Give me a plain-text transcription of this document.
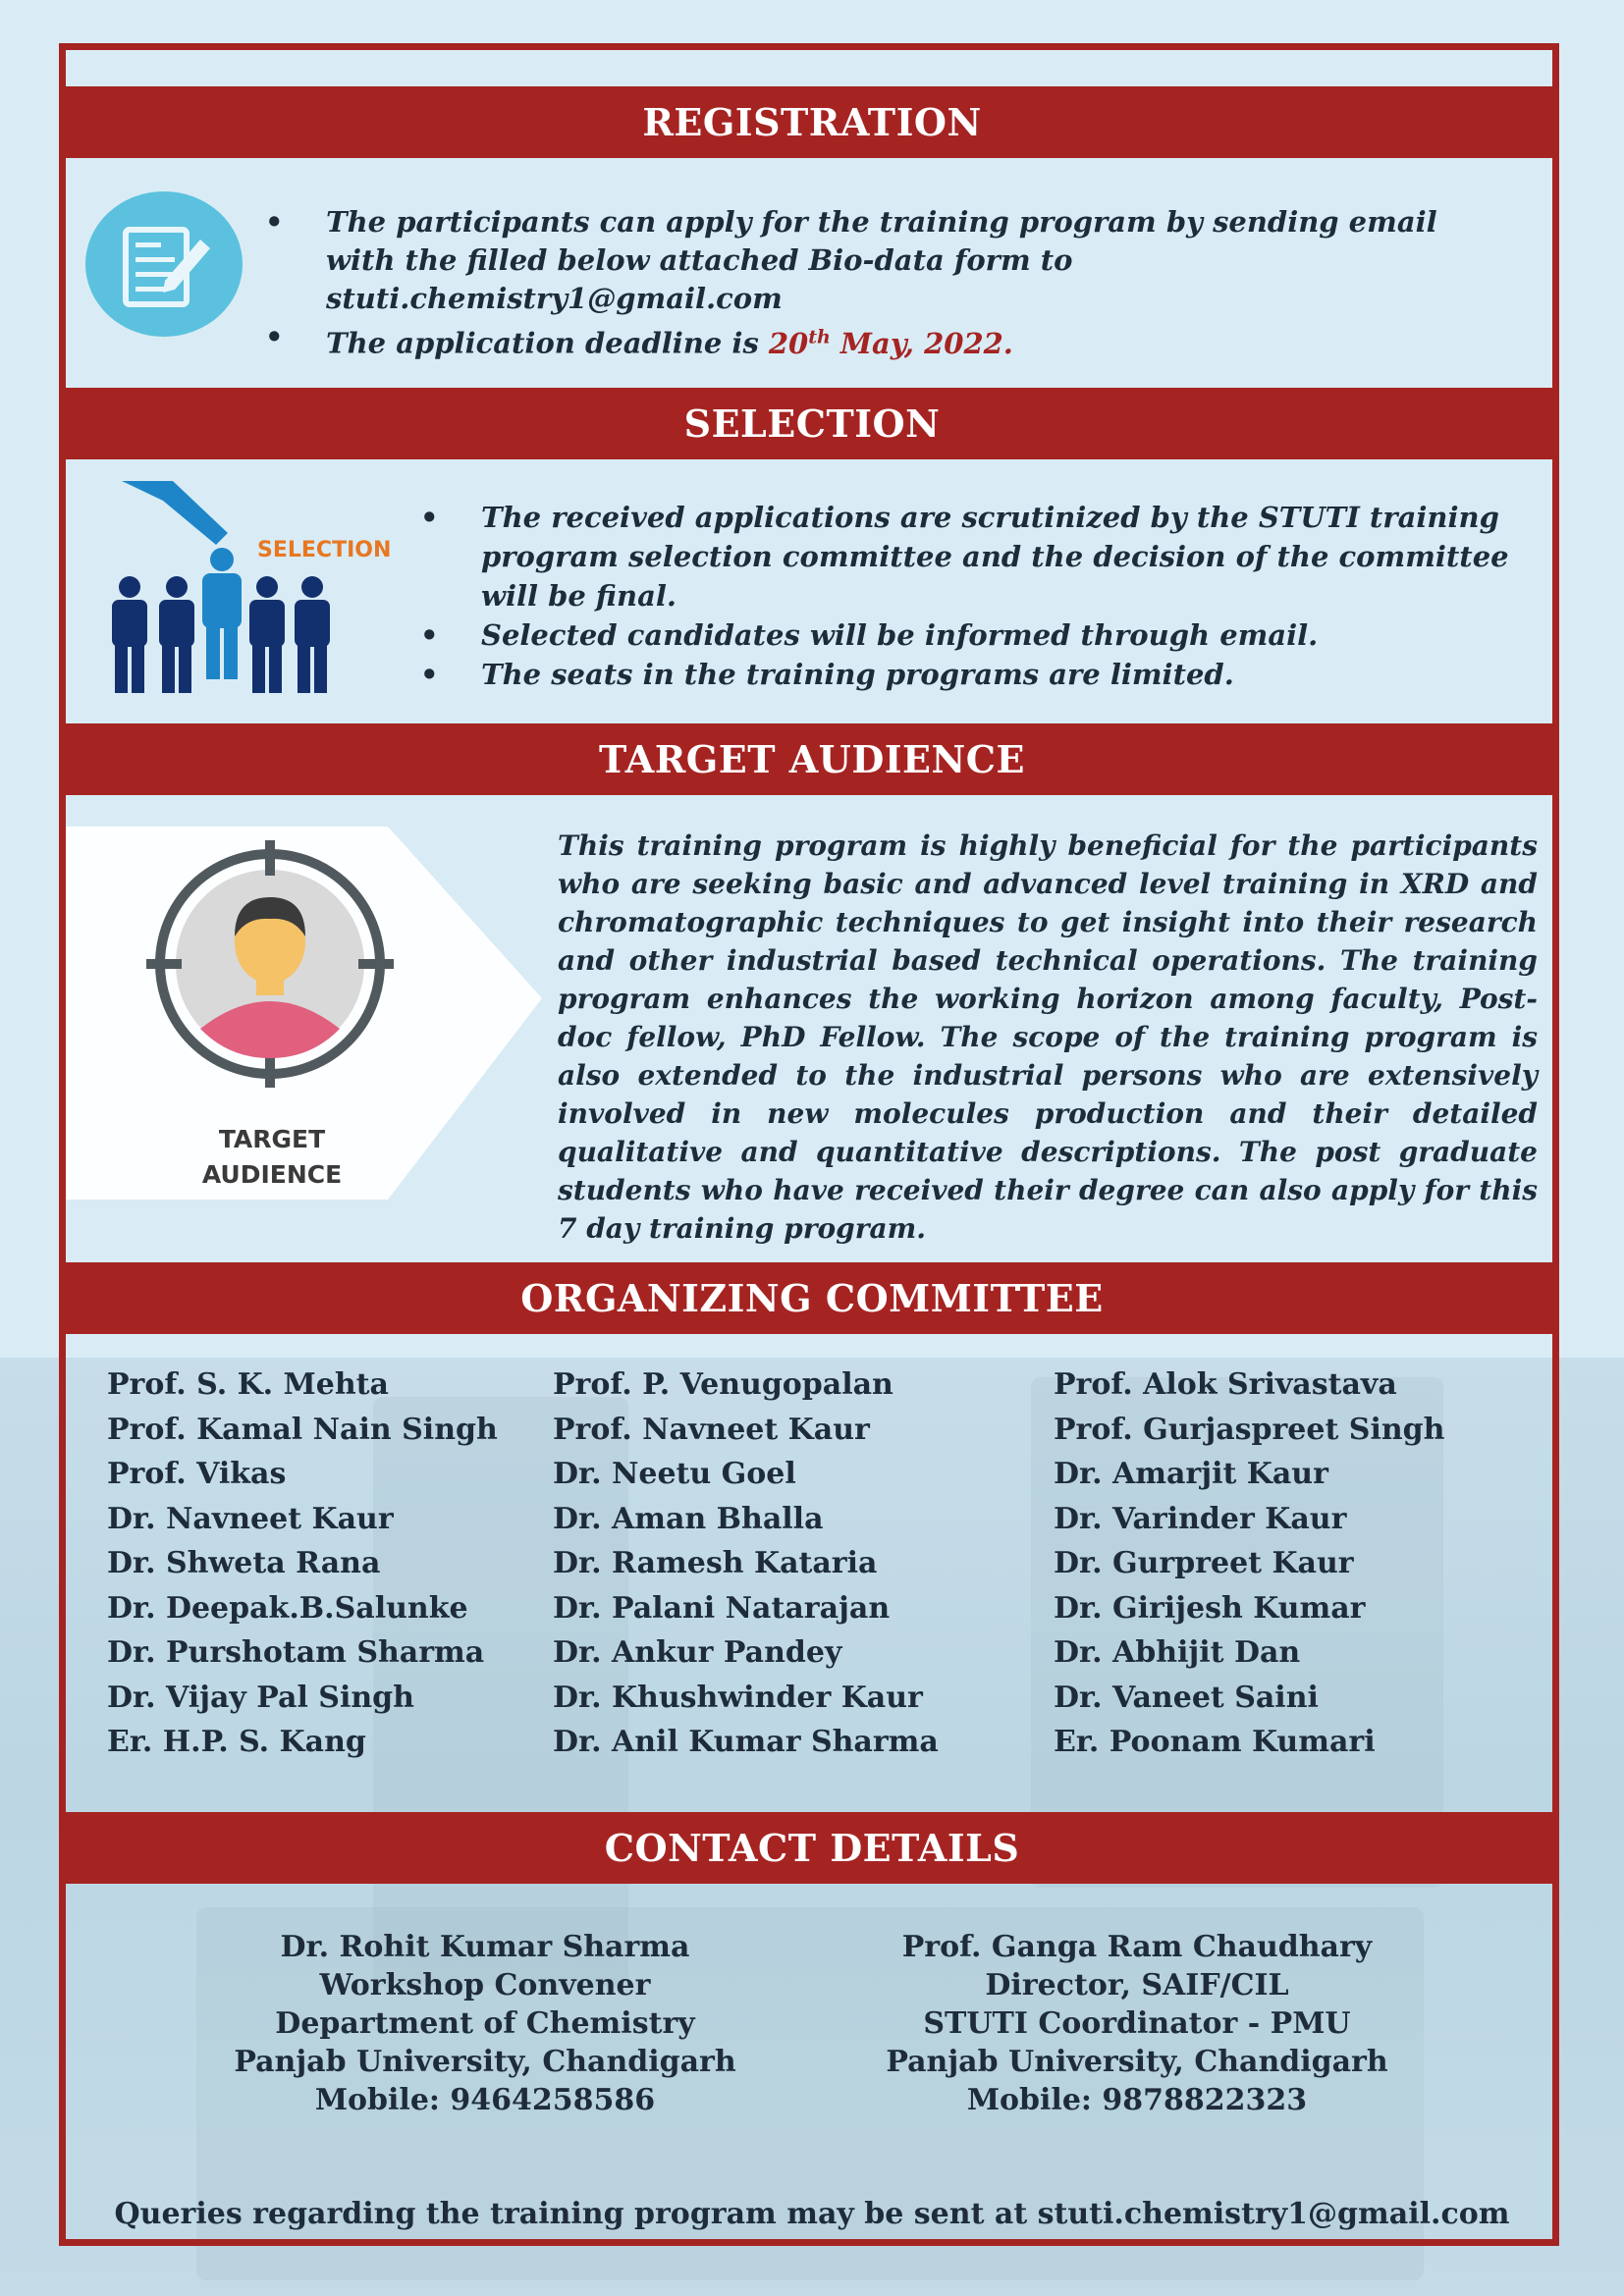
REGISTRATION
• The participants can apply for the training program by sending email with the filled below attached Bio-data form to stuti.chemistry1@gmail.com
• The application deadline is 20th May, 2022.
SELECTION
SELECTION
• The received applications are scrutinized by the STUTI training program selection committee and the decision of the committee will be final.
• Selected candidates will be informed through email.
• The seats in the training programs are limited.
TARGET AUDIENCE
TARGET
AUDIENCE

This training program is highly beneficial for the participants who are seeking basic and advanced level training in XRD and chromatographic techniques to get insight into their research and other industrial based technical operations. The training program enhances the working horizon among faculty, Post-doc fellow, PhD Fellow. The scope of the training program is also extended to the industrial persons who are extensively involved in new molecules production and their detailed qualitative and quantitative descriptions. The post graduate students who have received their degree can also apply for this 7 day training program.

ORGANIZING COMMITTEE
Prof. S. K. Mehta
Prof. Kamal Nain Singh
Prof. Vikas
Dr. Navneet Kaur
Dr. Shweta Rana
Dr. Deepak.B.Salunke
Dr. Purshotam Sharma
Dr. Vijay Pal Singh
Er. H.P. S. Kang
Prof. P. Venugopalan
Prof. Navneet Kaur
Dr. Neetu Goel
Dr. Aman Bhalla
Dr. Ramesh Kataria
Dr. Palani Natarajan
Dr. Ankur Pandey
Dr. Khushwinder Kaur
Dr. Anil Kumar Sharma
Prof. Alok Srivastava
Prof. Gurjaspreet Singh
Dr. Amarjit Kaur
Dr. Varinder Kaur
Dr. Gurpreet Kaur
Dr. Girijesh Kumar
Dr. Abhijit Dan
Dr. Vaneet Saini
Er. Poonam Kumari
CONTACT DETAILS
Dr. Rohit Kumar Sharma
Workshop Convener
Department of Chemistry
Panjab University, Chandigarh
Mobile: 9464258586
Prof. Ganga Ram Chaudhary
Director, SAIF/CIL
STUTI Coordinator - PMU
Panjab University, Chandigarh
Mobile: 9878822323
Queries regarding the training program may be sent at stuti.chemistry1@gmail.com
